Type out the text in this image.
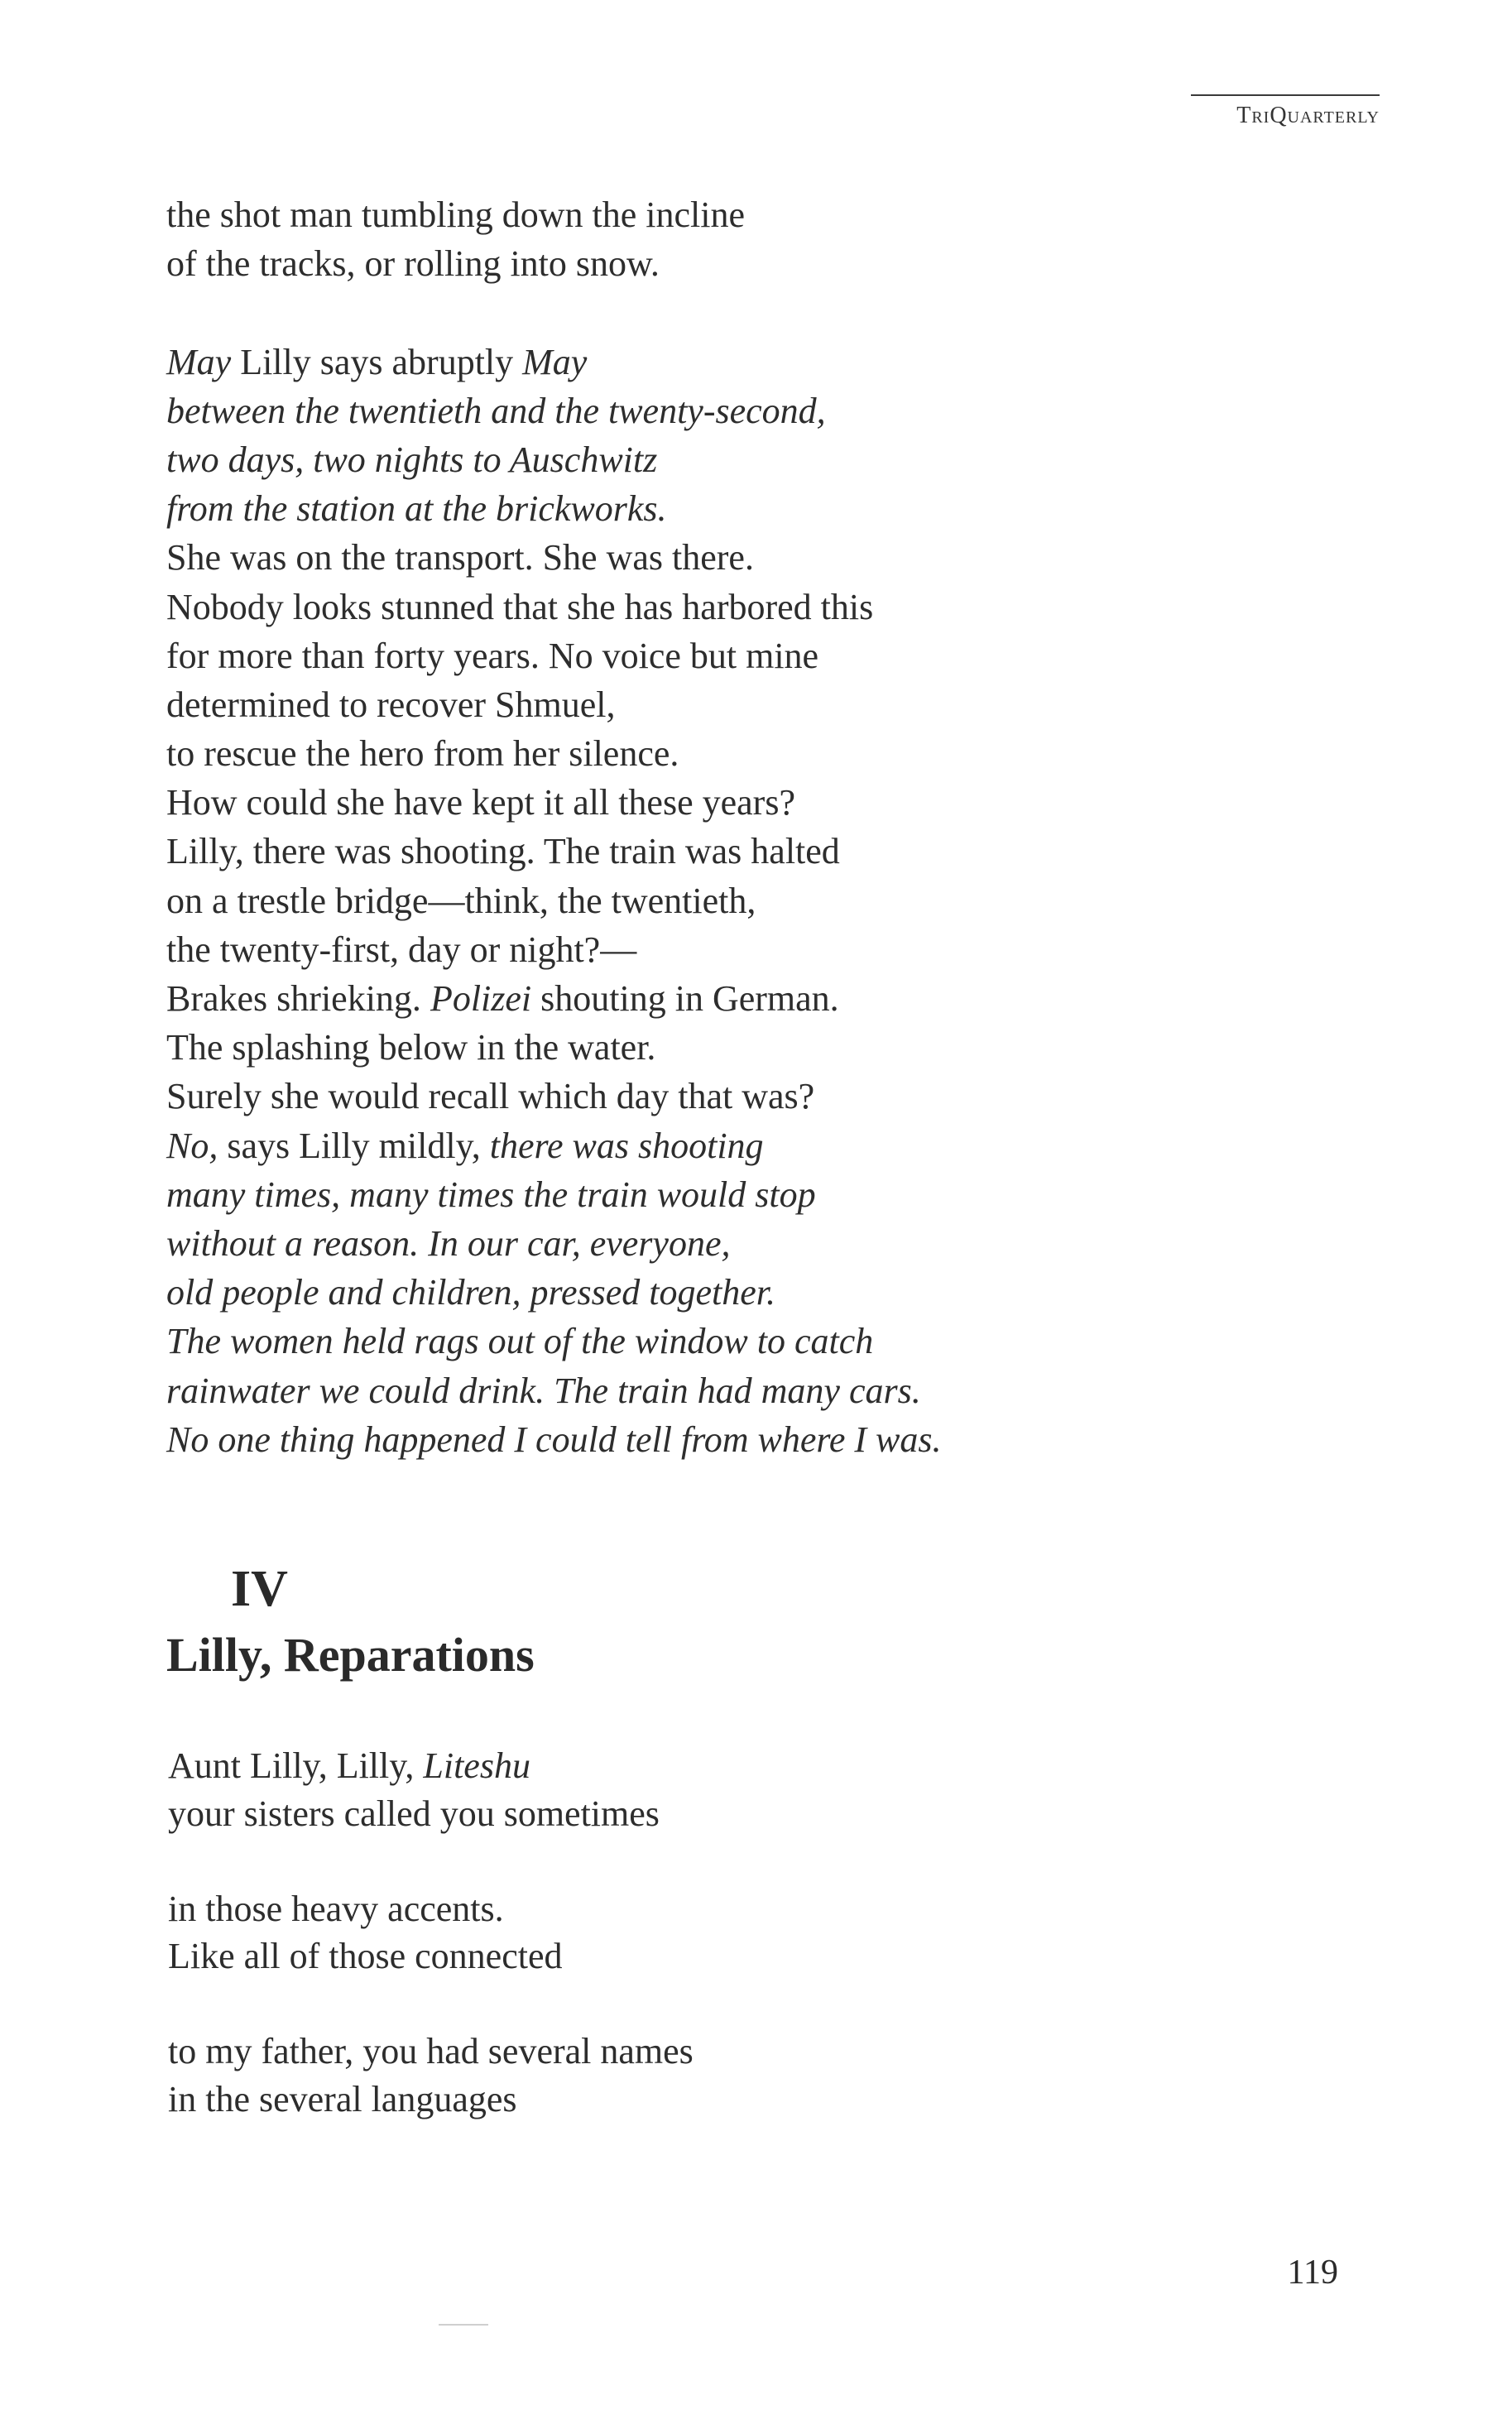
TriQuarterly
the shot man tumbling down the incline
of the tracks, or rolling into snow.
May Lilly says abruptly May
between the twentieth and the twenty-second,
two days, two nights to Auschwitz
from the station at the brickworks.
She was on the transport. She was there.
Nobody looks stunned that she has harbored this
for more than forty years. No voice but mine
determined to recover Shmuel,
to rescue the hero from her silence.
How could she have kept it all these years?
Lilly, there was shooting. The train was halted
on a trestle bridge—think, the twentieth,
the twenty-first, day or night?—
Brakes shrieking. Polizei shouting in German.
The splashing below in the water.
Surely she would recall which day that was?
No, says Lilly mildly, there was shooting
many times, many times the train would stop
without a reason. In our car, everyone,
old people and children, pressed together.
The women held rags out of the window to catch
rainwater we could drink. The train had many cars.
No one thing happened I could tell from where I was.
IV
Lilly, Reparations
Aunt Lilly, Lilly, Liteshu
your sisters called you sometimes
in those heavy accents.
Like all of those connected
to my father, you had several names
in the several languages
119
